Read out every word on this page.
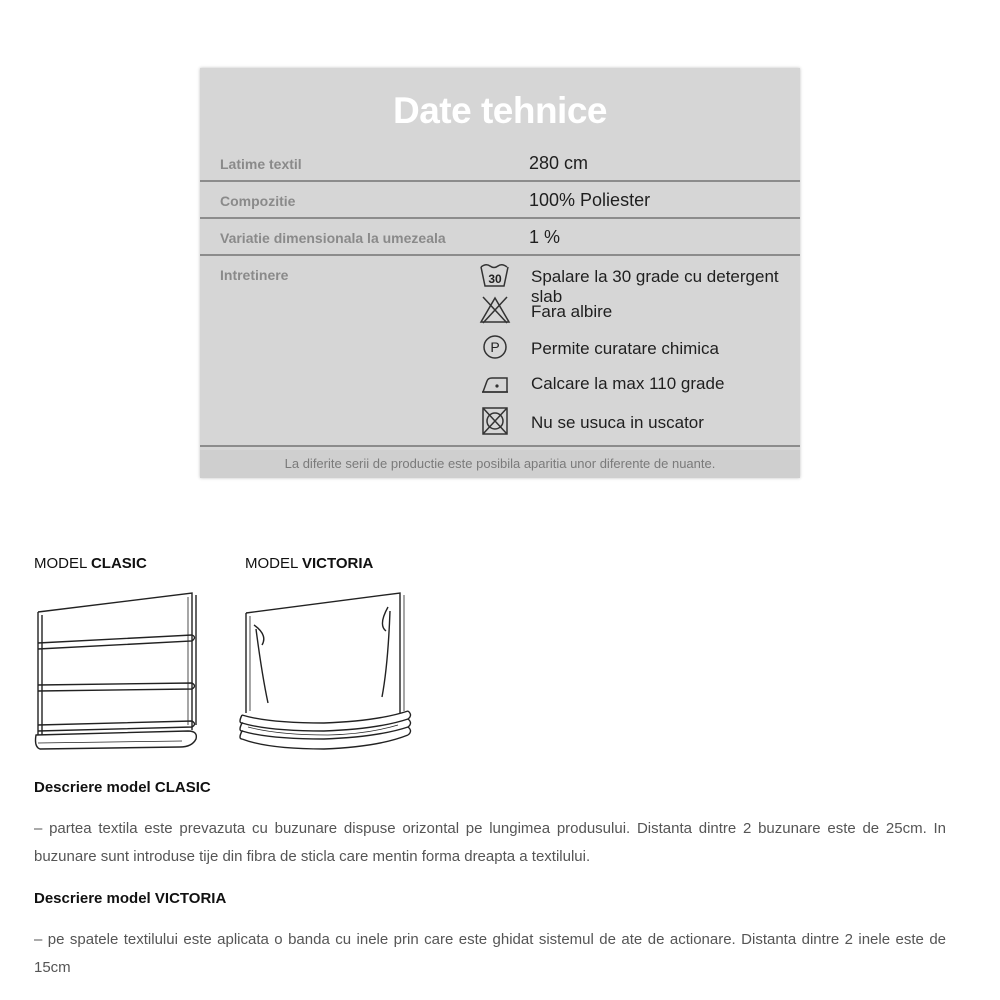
Date tehnice
Latime textil	280 cm
Compozitie	100% Poliester
Variatie dimensionala la umezeala	1 %
Intretinere	30 Spalare la 30 grade cu detergent slab
Fara albire
P Permite curatare chimica
Calcare la max 110 grade
Nu se usuca in uscator
La diferite serii de productie este posibila aparitia unor diferente de nuante.
MODEL CLASIC	MODEL VICTORIA
Descriere model CLASIC
– partea textila este prevazuta cu buzunare dispuse orizontal pe lungimea produsului. Distanta dintre 2 buzunare este de 25cm. In buzunare sunt introduse tije din fibra de sticla care mentin forma dreapta a textilului.
Descriere model VICTORIA
– pe spatele textilului este aplicata o banda cu inele prin care este ghidat sistemul de ate de actionare. Distanta dintre 2 inele este de 15cm
